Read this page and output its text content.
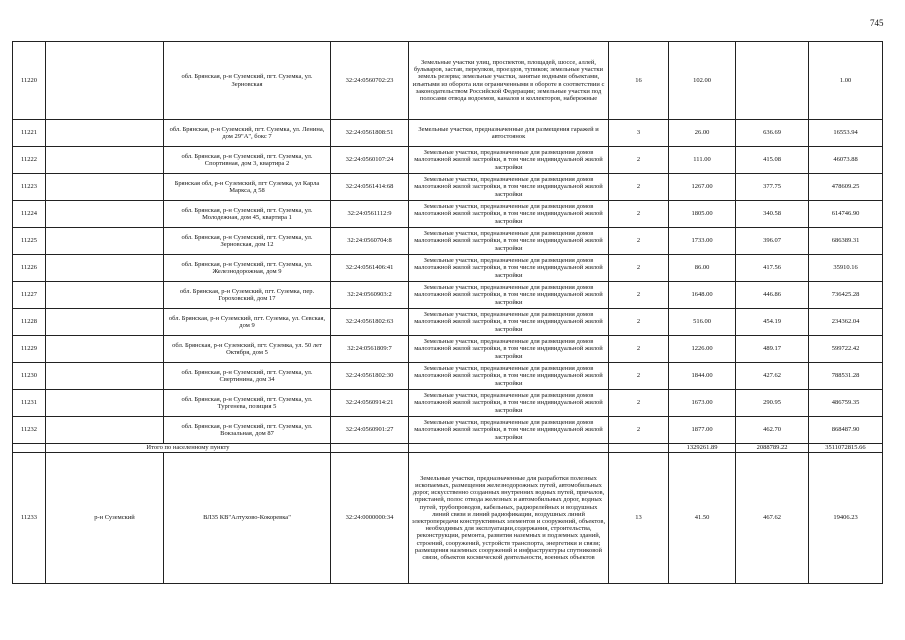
745
11220		обл. Брянская, р-н Суземский, пгт. Суземка, ул. Зерновская	32:24:0560702:23	Земельные участки улиц, проспектов, площадей, шоссе, аллей, бульваров, застав, переулков, проездов, тупиков; земельные участки земель резерва; земельные участки, занятые водными объектами, изъятыми из оборота или ограниченными в обороте в соответствии с законодательством Российской Федерации; земельные участки под полосами отвода водоемов, каналов и коллекторов, набережные	16	102.00		1.00
11221		обл. Брянская, р-н Суземский, пгт. Суземка, ул. Ленина, дом 29"А", бокс 7	32:24:0561808:51	Земельные участки, предназначенные для размещения гаражей и автостоянок	3	26.00	636.69	16553.94
11222		обл. Брянская, р-н Суземский, пгт. Суземка, ул. Спортивная, дом 3, квартира 2	32:24:0560107:24	Земельные участки, предназначенные для размещения домов малоэтажной жилой застройки, в том числе индивидуальной жилой застройки	2	111.00	415.08	46073.88
11223		Брянская обл, р-н Суземский, пгт Суземка, ул Карла Маркса, д 58	32:24:0561414:68	Земельные участки, предназначенные для размещения домов малоэтажной жилой застройки, в том числе индивидуальной жилой застройки	2	1267.00	377.75	478609.25
11224		обл. Брянская, р-н Суземский, пгт. Суземка, ул. Молодежная, дом 45, квартира 1	32:24:0561112:9	Земельные участки, предназначенные для размещения домов малоэтажной жилой застройки, в том числе индивидуальной жилой застройки	2	1805.00	340.58	614746.90
11225		обл. Брянская, р-н Суземский, пгт. Суземка, ул. Зерновская, дом 12	32:24:0560704:8	Земельные участки, предназначенные для размещения домов малоэтажной жилой застройки, в том числе индивидуальной жилой застройки	2	1733.00	396.07	686389.31
11226		обл. Брянская, р-н Суземский, пгт. Суземка, ул. Железнодорожная, дом 9	32:24:0561406:41	Земельные участки, предназначенные для размещения домов малоэтажной жилой застройки, в том числе индивидуальной жилой застройки	2	86.00	417.56	35910.16
11227		обл. Брянская, р-н Суземский, пгт. Суземка, пер. Гороховский, дом 17	32:24:0560903:2	Земельные участки, предназначенные для размещения домов малоэтажной жилой застройки, в том числе индивидуальной жилой застройки	2	1648.00	446.86	736425.28
11228		обл. Брянская, р-н Суземский, пгт. Суземка, ул. Севская, дом 9	32:24:0561802:63	Земельные участки, предназначенные для размещения домов малоэтажной жилой застройки, в том числе индивидуальной жилой застройки	2	516.00	454.19	234362.04
11229		обл. Брянская, р-н Суземский, пгт. Суземка, ул. 50 лет Октября, дом 5	32:24:0561809:7	Земельные участки, предназначенные для размещения домов малоэтажной жилой застройки, в том числе индивидуальной жилой застройки	2	1226.00	489.17	599722.42
11230		обл. Брянская, р-н Суземский, пгт. Суземка, ул. Свертинина, дом 34	32:24:0561802:30	Земельные участки, предназначенные для размещения домов малоэтажной жилой застройки, в том числе индивидуальной жилой застройки	2	1844.00	427.62	788531.28
11231		обл. Брянская, р-н Суземский, пгт. Суземка, ул. Тургенева, позиция 5	32:24:0560914:21	Земельные участки, предназначенные для размещения домов малоэтажной жилой застройки, в том числе индивидуальной жилой застройки	2	1673.00	290.95	486759.35
11232		обл. Брянская, р-н Суземский, пгт. Суземка, ул. Вокзальная, дом 87	32:24:0560901:27	Земельные участки, предназначенные для размещения домов малоэтажной жилой застройки, в том числе индивидуальной жилой застройки	2	1877.00	462.70	868487.90
	Итого по населенному пункту					1329261.89	2088789.22	3511072815.66
11233	р-н Суземский	ВЛ35 КВ"Алтухово-Кокоревка"	32:24:0000000:34	Земельные участки, предназначенные для разработки полезных ископаемых, размещения железнодорожных путей, автомобильных дорог, искусственно созданных внутренних водных путей, причалов, пристаней, полос отвода железных и автомобильных дорог, водных путей, трубопроводов, кабельных, радиорелейных и воздушных линий связи и линий радиофикации, воздушных линий электропередачи конструктивных элементов и сооружений, объектов, необходимых для эксплуатации,содержания, строительства, реконструкции, ремонта, развития наземных и подземных зданий, строений, сооружений, устройств транспорта, энергетики и связи; размещения наземных сооружений и инфраструктуры спутниковой связи, объектов космической деятельности, военных объектов	13	41.50	467.62	19406.23
